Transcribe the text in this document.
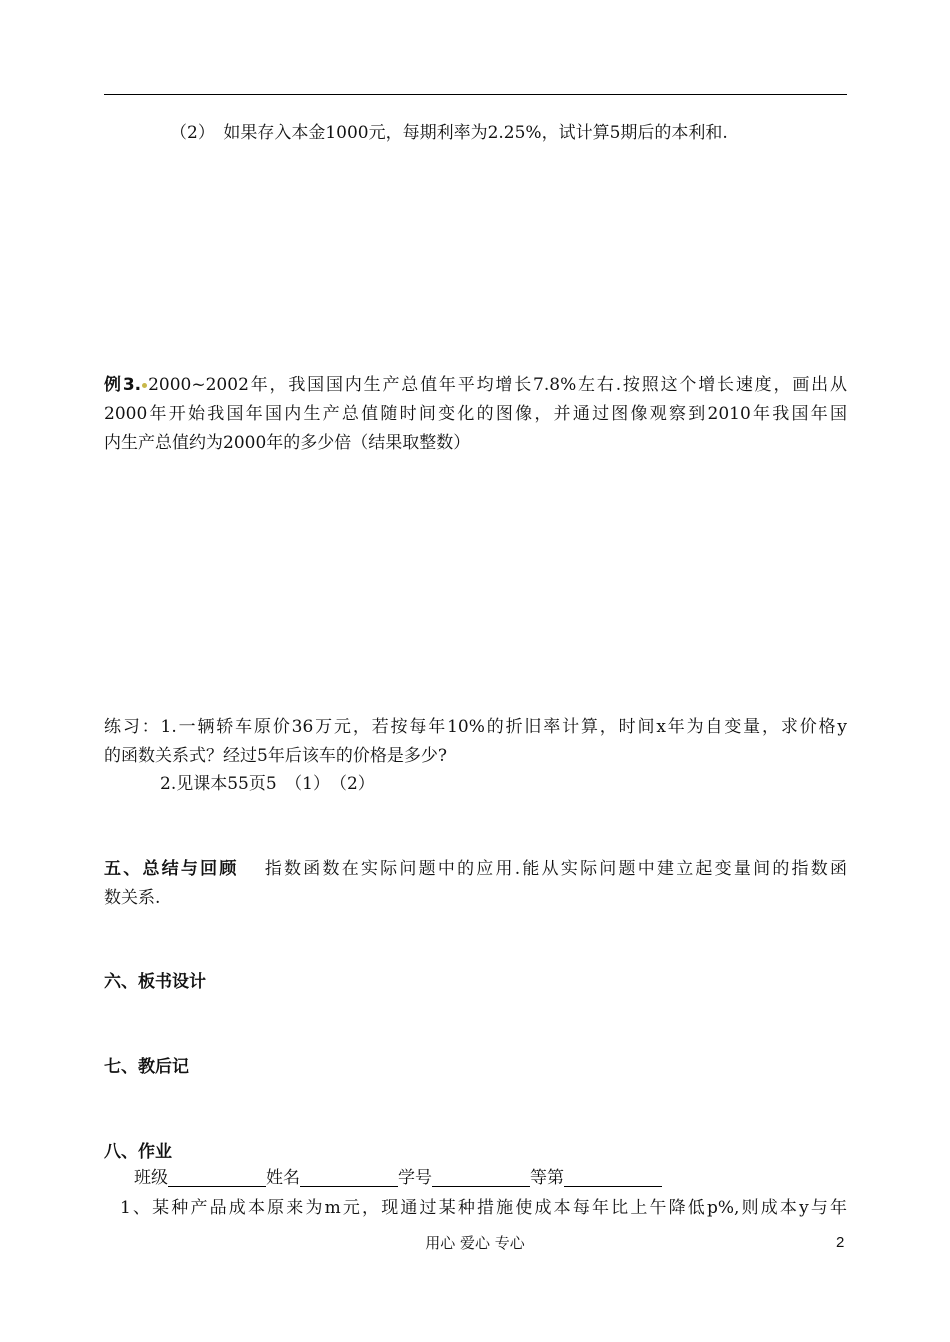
（2）　如果存入本金1000元，每期利率为2.25%，试计算5期后的本利和.
例3. 2000~2002年，我国国内生产总值年平均增长7.8%左右.按照这个增长速度，画出从
2000年开始我国年国内生产总值随时间变化的图像，并通过图像观察到2010年我国年国
内生产总值约为2000年的多少倍（结果取整数）
练习：1.一辆轿车原价36万元，若按每年10%的折旧率计算，时间x年为自变量，求价格y
的函数关系式？经过5年后该车的价格是多少?
2.见课本55页5　（1）　（2）
五、总结与回顾 指数函数在实际问题中的应用.能从实际问题中建立起变量间的指数函
数关系.
六、板书设计
七、教后记
八、作业
班级	姓名	学号	等第
1、某种产品成本原来为m元，现通过某种措施使成本每年比上午降低p%,则成本y与年
用心 爱心 专心	2
